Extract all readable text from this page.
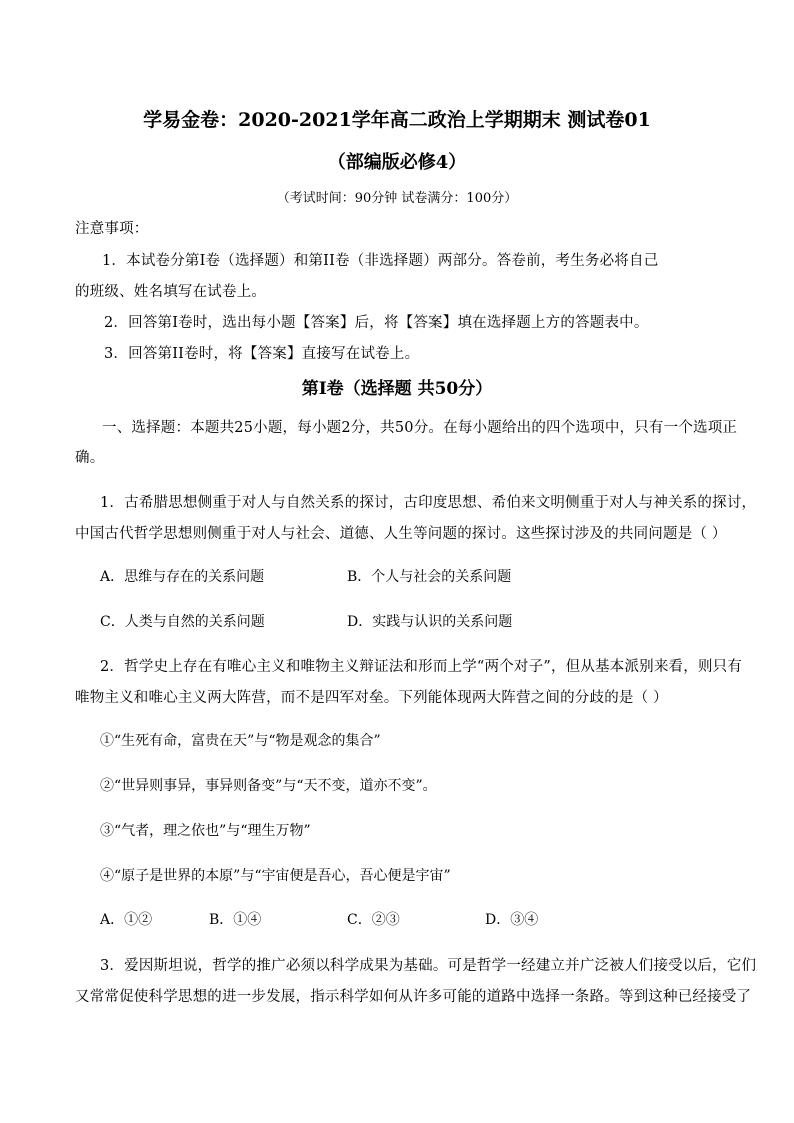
学易金卷：2020-2021学年高二政治上学期期末 测试卷01
（部编版必修4）
（考试时间：90分钟 试卷满分：100分）
注意事项：
1．本试卷分第Ⅰ卷（选择题）和第II卷（非选择题）两部分。答卷前，考生务必将自己
的班级、姓名填写在试卷上。
2．回答第Ⅰ卷时，选出每小题【答案】后，将【答案】填在选择题上方的答题表中。
3．回答第II卷时，将【答案】直接写在试卷上。
第Ⅰ卷（选择题 共50分）
一、选择题：本题共25小题，每小题2分，共50分。在每小题给出的四个选项中，只有一个选项正
确。
1．古希腊思想侧重于对人与自然关系的探讨，古印度思想、希伯来文明侧重于对人与神关系的探讨，
中国古代哲学思想则侧重于对人与社会、道德、人生等问题的探讨。这些探讨涉及的共同问题是（ ）
A．思维与存在的关系问题	B．个人与社会的关系问题
C．人类与自然的关系问题	D．实践与认识的关系问题
2．哲学史上存在有唯心主义和唯物主义辩证法和形而上学“两个对子”，但从基本派别来看，则只有
唯物主义和唯心主义两大阵营，而不是四军对垒。下列能体现两大阵营之间的分歧的是（ ）
①“生死有命，富贵在天”与“物是观念的集合”
②“世异则事异，事异则备变”与“天不变，道亦不变”。
③“气者，理之依也”与“理生万物”
④“原子是世界的本原”与“宇宙便是吾心，吾心便是宇宙”
A．①②	B．①④	C．②③	D．③④
3．爱因斯坦说，哲学的推广必须以科学成果为基础。可是哲学一经建立并广泛被人们接受以后，它们
又常常促使科学思想的进一步发展，指示科学如何从许多可能的道路中选择一条路。等到这种已经接受了
